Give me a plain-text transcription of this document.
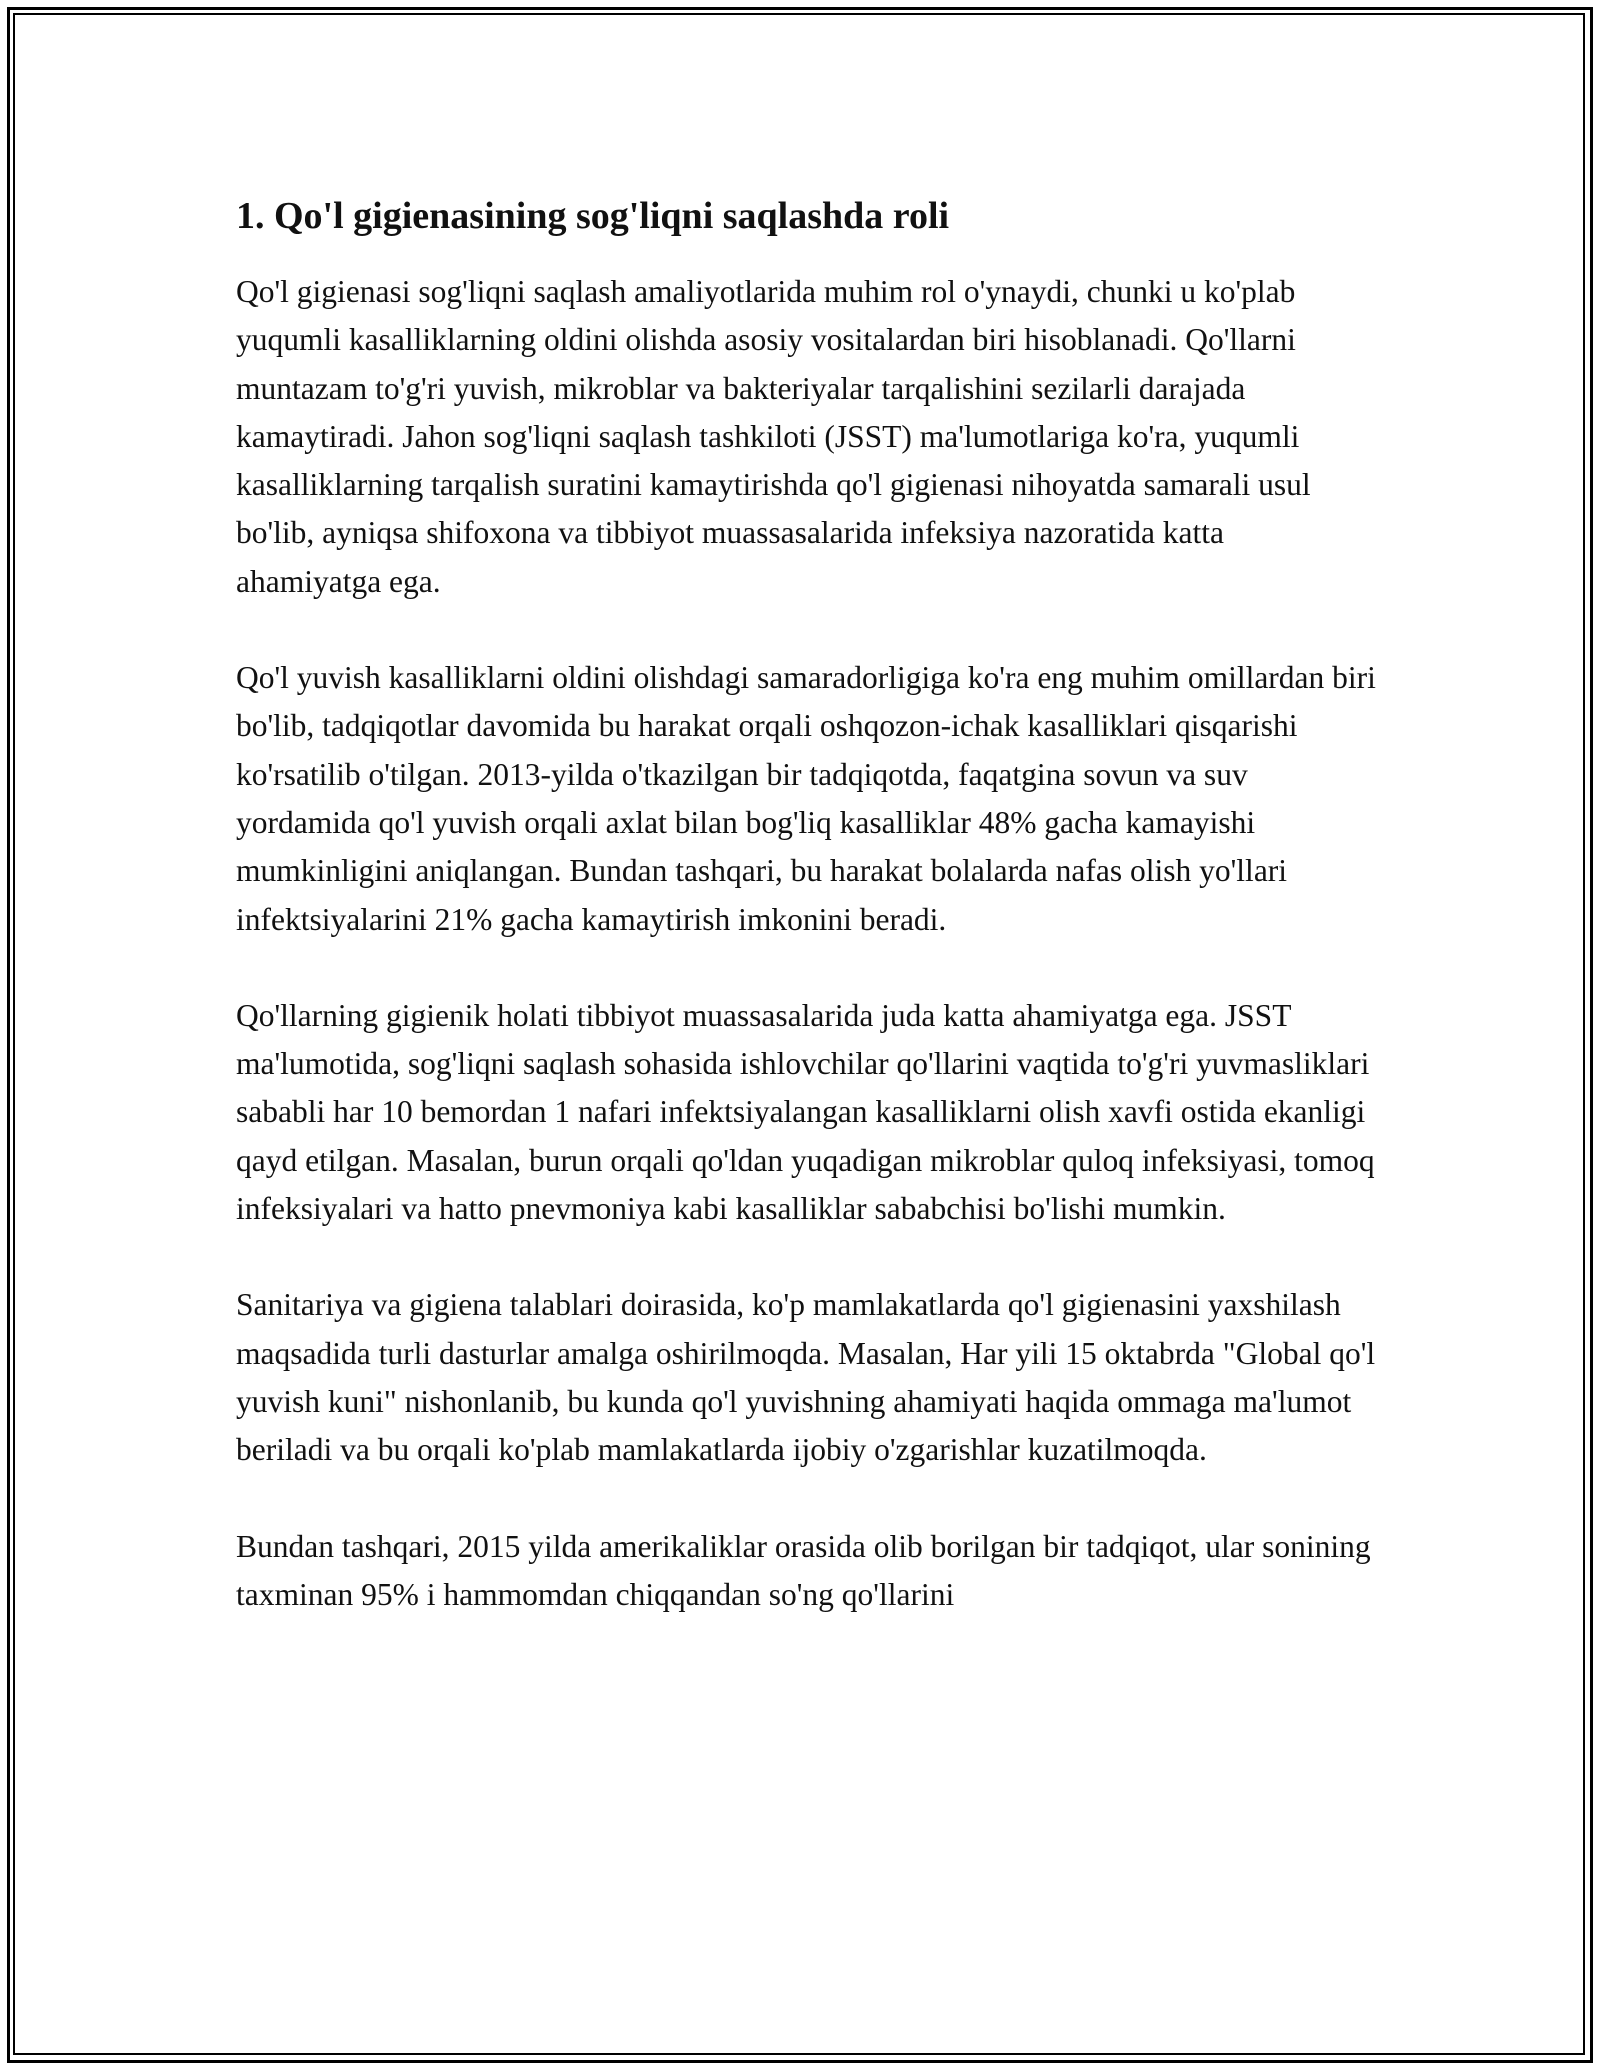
1. Qo'l gigienasining sog'liqni saqlashda roli

Qo'l gigienasi sog'liqni saqlash amaliyotlarida muhim rol o'ynaydi, chunki u ko'plab yuqumli kasalliklarning oldini olishda asosiy vositalardan biri hisoblanadi. Qo'llarni muntazam to'g'ri yuvish, mikroblar va bakteriyalar tarqalishini sezilarli darajada kamaytiradi. Jahon sog'liqni saqlash tashkiloti (JSST) ma'lumotlariga ko'ra, yuqumli kasalliklarning tarqalish suratini kamaytirishda qo'l gigienasi nihoyatda samarali usul bo'lib, ayniqsa shifoxona va tibbiyot muassasalarida infeksiya nazoratida katta ahamiyatga ega.

Qo'l yuvish kasalliklarni oldini olishdagi samaradorligiga ko'ra eng muhim omillardan biri bo'lib, tadqiqotlar davomida bu harakat orqali oshqozon-ichak kasalliklari qisqarishi ko'rsatilib o'tilgan. 2013-yilda o'tkazilgan bir tadqiqotda, faqatgina sovun va suv yordamida qo'l yuvish orqali axlat bilan bog'liq kasalliklar 48% gacha kamayishi mumkinligini aniqlangan. Bundan tashqari, bu harakat bolalarda nafas olish yo'llari infektsiyalarini 21% gacha kamaytirish imkonini beradi.

Qo'llarning gigienik holati tibbiyot muassasalarida juda katta ahamiyatga ega. JSST ma'lumotida, sog'liqni saqlash sohasida ishlovchilar qo'llarini vaqtida to'g'ri yuvmasliklari sababli har 10 bemordan 1 nafari infektsiyalangan kasalliklarni olish xavfi ostida ekanligi qayd etilgan. Masalan, burun orqali qo'ldan yuqadigan mikroblar quloq infeksiyasi, tomoq infeksiyalari va hatto pnevmoniya kabi kasalliklar sababchisi bo'lishi mumkin.

Sanitariya va gigiena talablari doirasida, ko'p mamlakatlarda qo'l gigienasini yaxshilash maqsadida turli dasturlar amalga oshirilmoqda. Masalan, Har yili 15 oktabrda "Global qo'l yuvish kuni" nishonlanib, bu kunda qo'l yuvishning ahamiyati haqida ommaga ma'lumot beriladi va bu orqali ko'plab mamlakatlarda ijobiy o'zgarishlar kuzatilmoqda.

Bundan tashqari, 2015 yilda amerikaliklar orasida olib borilgan bir tadqiqot, ular sonining taxminan 95% i hammomdan chiqqandan so'ng qo'llarini
